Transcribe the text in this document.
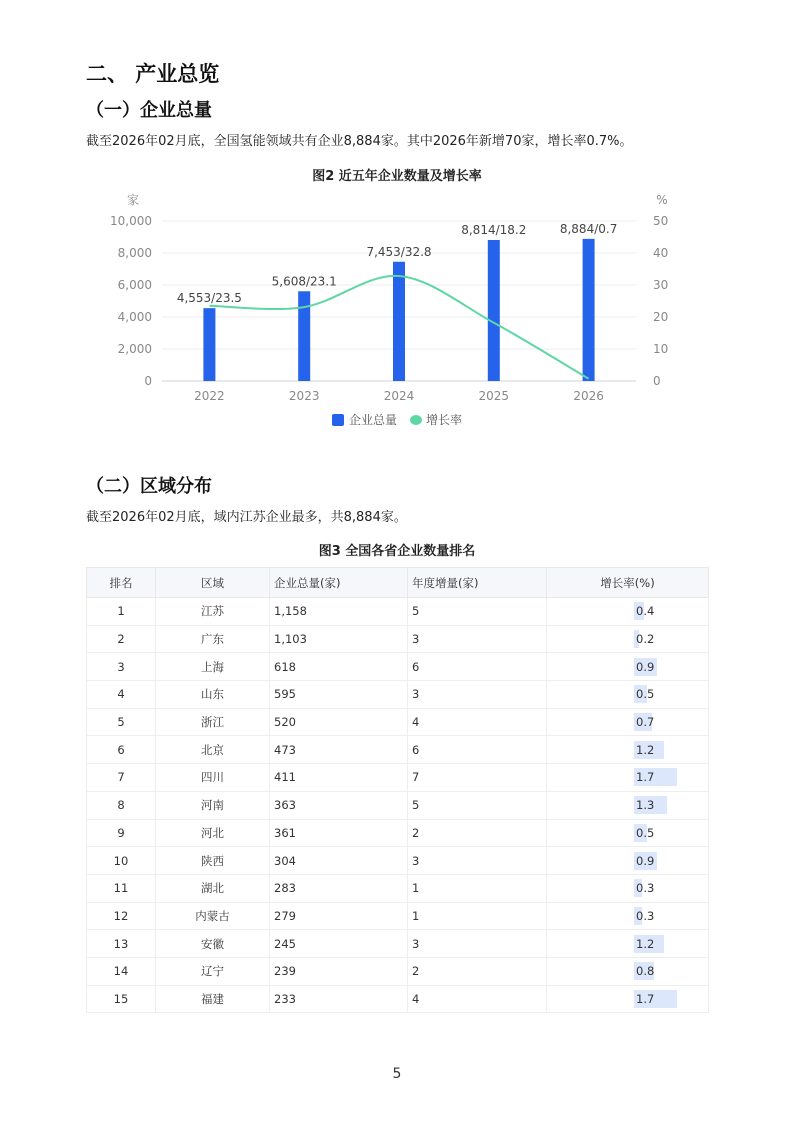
二、 产业总览
（一）企业总量
截至2026年02月底，全国氢能领域共有企业8,884家。其中2026年新增70家，增长率0.7%。
图2 近五年企业数量及增长率
0
2,000
4,000
6,000
8,000
10,000
0
10
20
30
40
50
2022	2023	2024	2025	2026
4,553/23.5
5,608/23.1
7,453/32.8
8,814/18.2	8,884/0.7
家	%
企业总量 增长率
（二）区域分布
截至2026年02月底，域内江苏企业最多，共8,884家。
图3 全国各省企业数量排名
排名	区域	企业总量(家)	年度增量(家)	增长率(%)
1	江苏	1,158	5	0.4

2	广东	1,103	3	0.2

3	上海	618	6	0.9

4	山东	595	3	0.5

5	浙江	520	4	0.7

6	北京	473	6	1.2

7	四川	411	7	1.7

8	河南	363	5	1.3

9	河北	361	2	0.5

10	陕西	304	3	0.9

11	湖北	283	1	0.3

12	内蒙古	279	1	0.3

13	安徽	245	3	1.2

14	辽宁	239	2	0.8

15	福建	233	4	1.7
5
